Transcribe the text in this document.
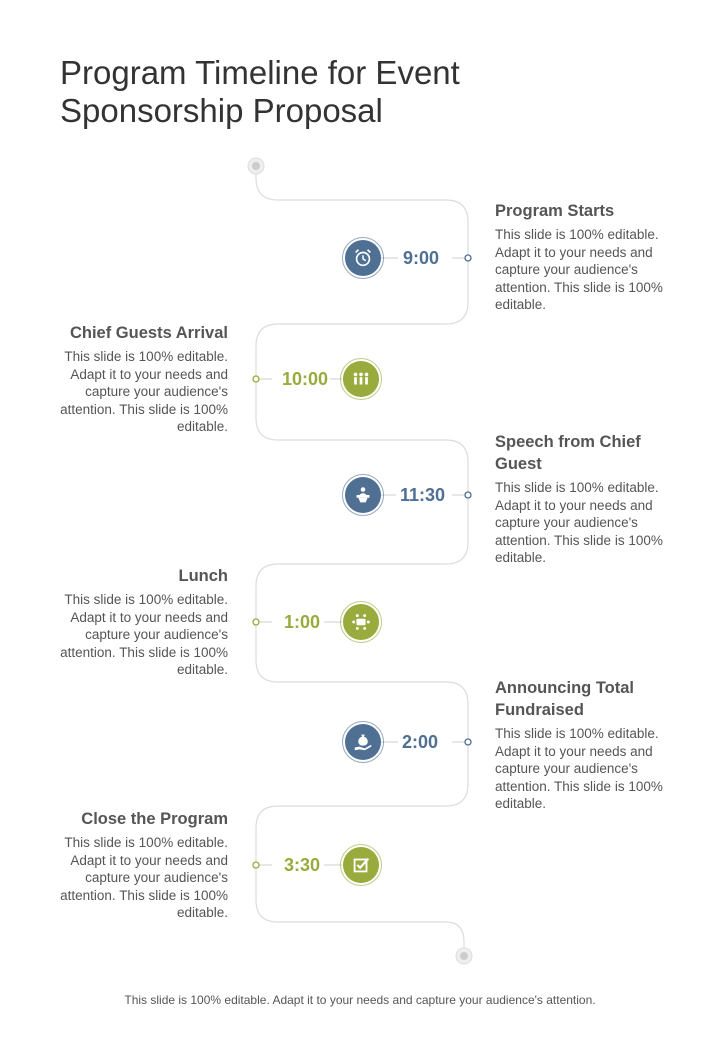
Program Timeline for Event Sponsorship Proposal
9:00
Program Starts

This slide is 100% editable. Adapt it to your needs and capture your audience's attention. This slide is 100% editable.

10:00
Chief Guests Arrival

This slide is 100% editable. Adapt it to your needs and capture your audience's attention. This slide is 100% editable.

11:30
Speech from Chief Guest

This slide is 100% editable. Adapt it to your needs and capture your audience's attention. This slide is 100% editable.

1:00
Lunch

This slide is 100% editable. Adapt it to your needs and capture your audience's attention. This slide is 100% editable.

2:00
Announcing Total Fundraised

This slide is 100% editable. Adapt it to your needs and capture your audience's attention. This slide is 100% editable.

3:30
Close the Program

This slide is 100% editable. Adapt it to your needs and capture your audience's attention. This slide is 100% editable.

This slide is 100% editable. Adapt it to your needs and capture your audience's attention.
